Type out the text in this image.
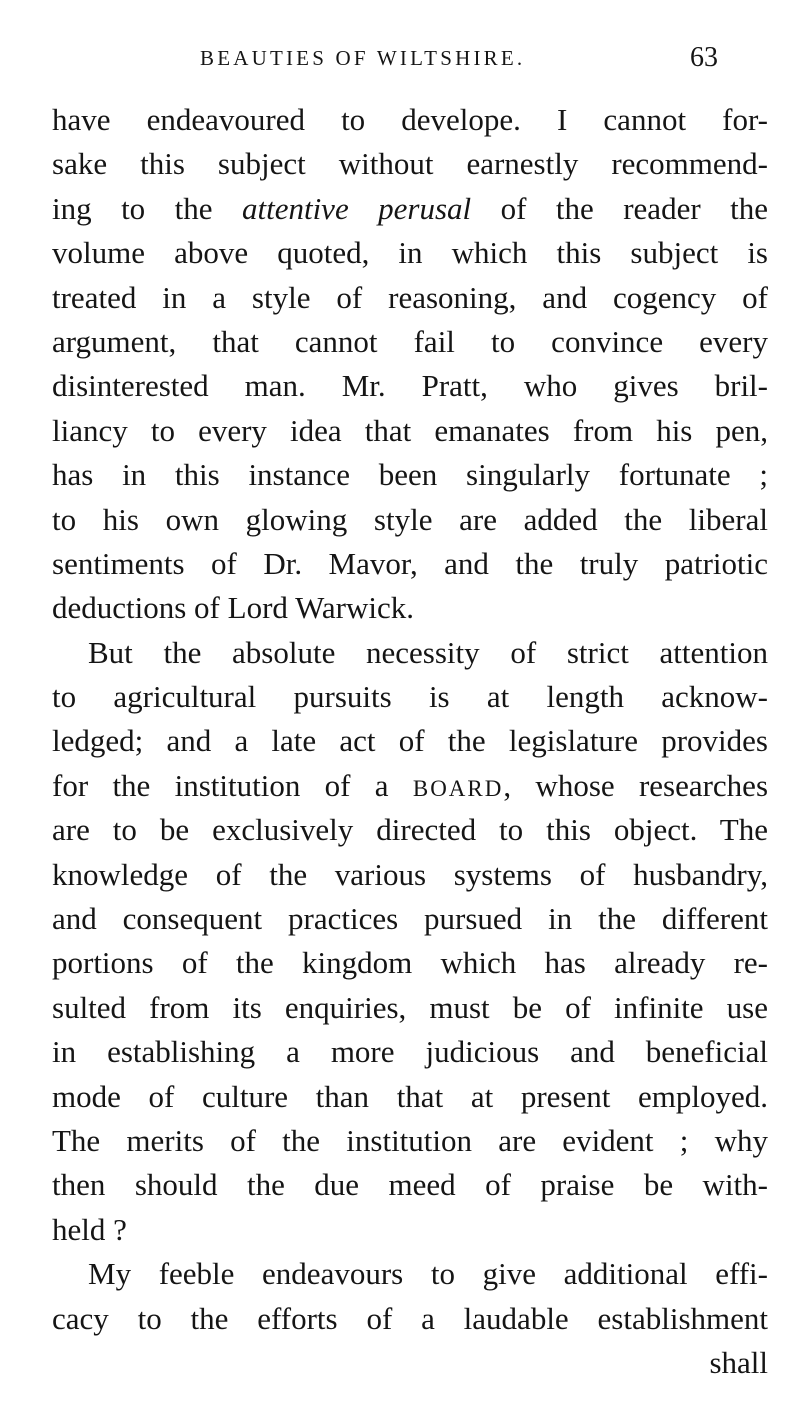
BEAUTIES OF WILTSHIRE.	63
have endeavoured to develope. I cannot for-
sake this subject without earnestly recommend-
ing to the attentive perusal of the reader the
volume above quoted, in which this subject is
treated in a style of reasoning, and cogency of
argument, that cannot fail to convince every
disinterested man. Mr. Pratt, who gives bril-
liancy to every idea that emanates from his pen,
has in this instance been singularly fortunate ;
to his own glowing style are added the liberal
sentiments of Dr. Mavor, and the truly patriotic
deductions of Lord Warwick.
But the absolute necessity of strict attention
to agricultural pursuits is at length acknow-
ledged; and a late act of the legislature provides
for the institution of a BOARD, whose researches
are to be exclusively directed to this object. The
knowledge of the various systems of husbandry,
and consequent practices pursued in the different
portions of the kingdom which has already re-
sulted from its enquiries, must be of infinite use
in establishing a more judicious and beneficial
mode of culture than that at present employed.
The merits of the institution are evident ; why
then should the due meed of praise be with-
held ?
My feeble endeavours to give additional effi-
cacy to the efforts of a laudable establishment
shall
